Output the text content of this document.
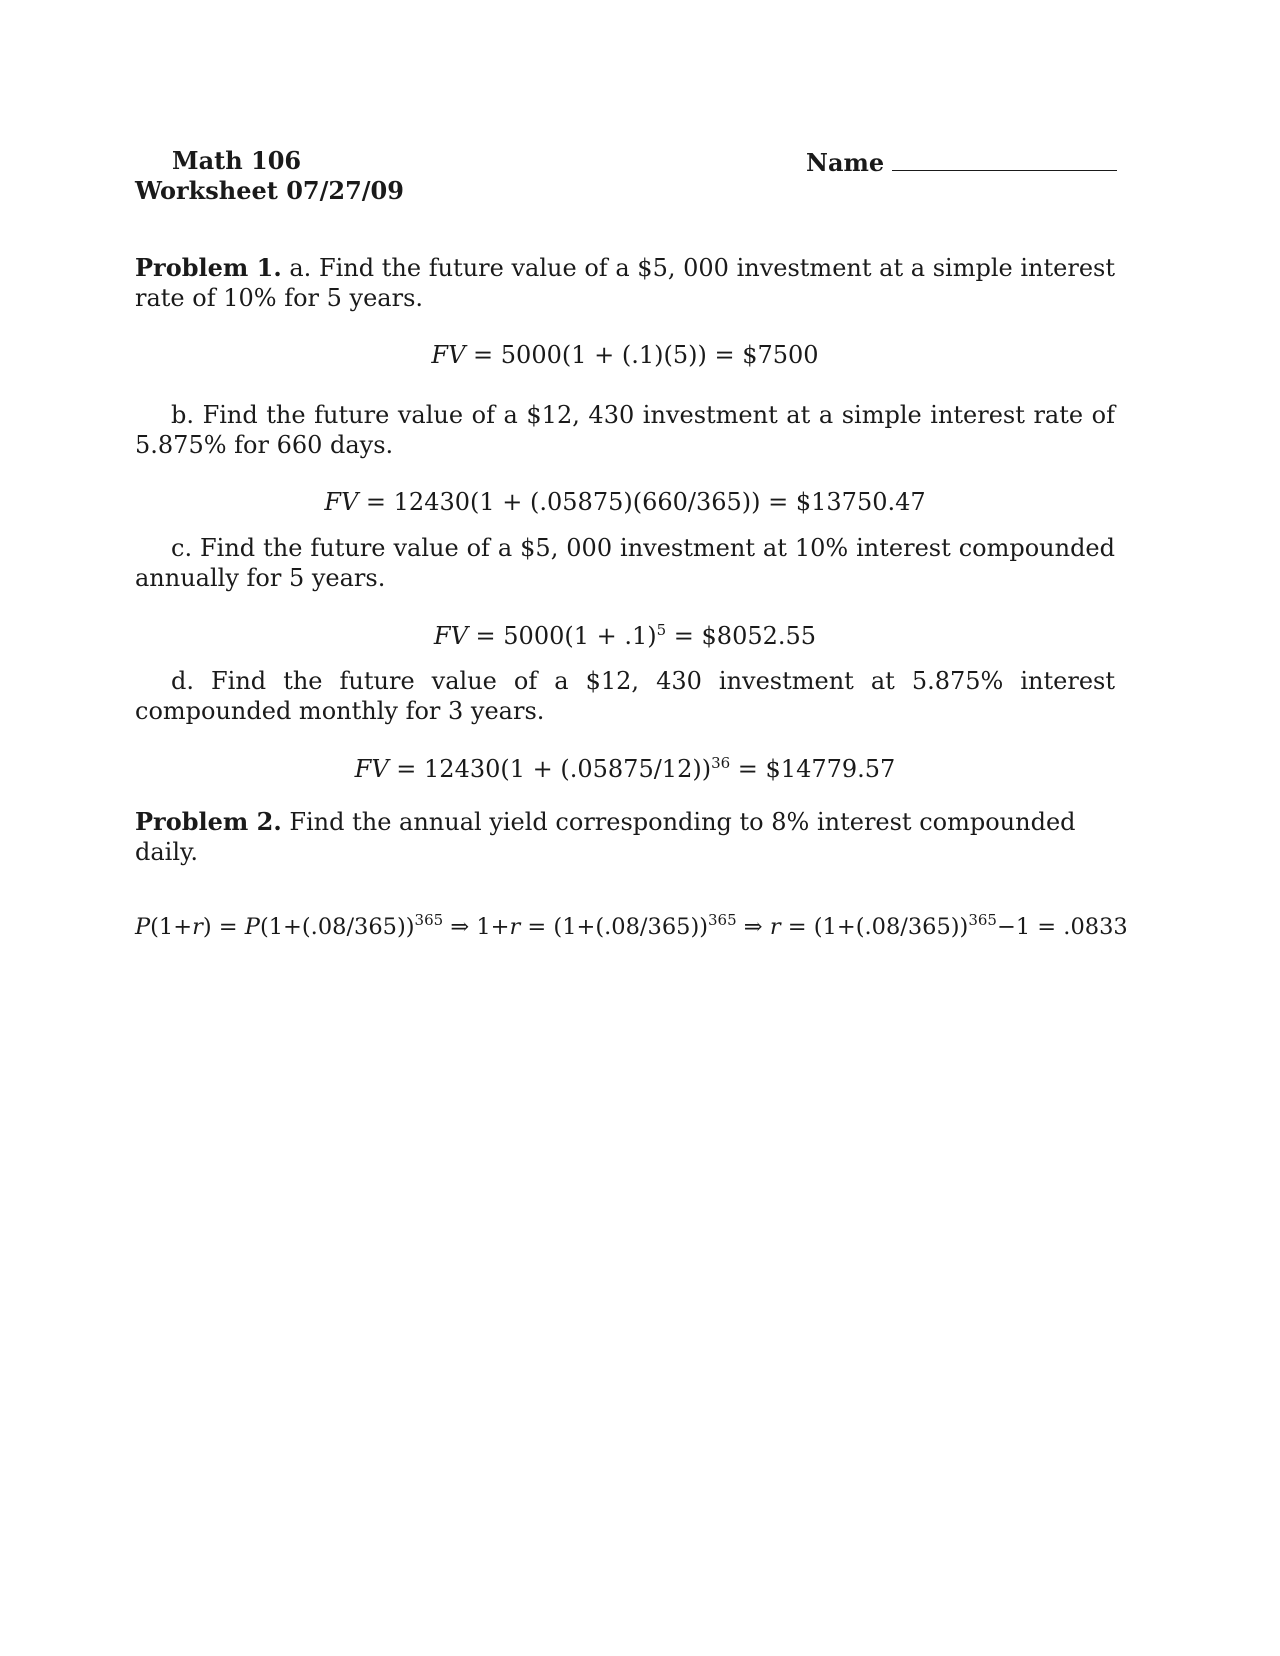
Math 106
Worksheet 07/27/09
Name
Problem 1. a. Find the future value of a $5, 000 investment at a simple interest rate of 10% for 5 years.
FV = 5000(1 + (.1)(5)) = $7500
b. Find the future value of a $12, 430 investment at a simple interest rate of 5.875% for 660 days.
FV = 12430(1 + (.05875)(660/365)) = $13750.47
c. Find the future value of a $5, 000 investment at 10% interest compounded annually for 5 years.
FV = $5000(1 + .1)^5$ = $8052.55
d. Find the future value of a $12, 430 investment at 5.875% interest compounded monthly for 3 years.
FV = $12430(1 + (.05875/12))^{36}$ = $14779.57
Problem 2. Find the annual yield corresponding to 8% interest compounded daily.
$P(1+r) = P(1+(.08/365))^{365}$ ⇒ $1+r = (1+(.08/365))^{365}$ ⇒ $r = (1+(.08/365))^{365}-1 = .0833$
